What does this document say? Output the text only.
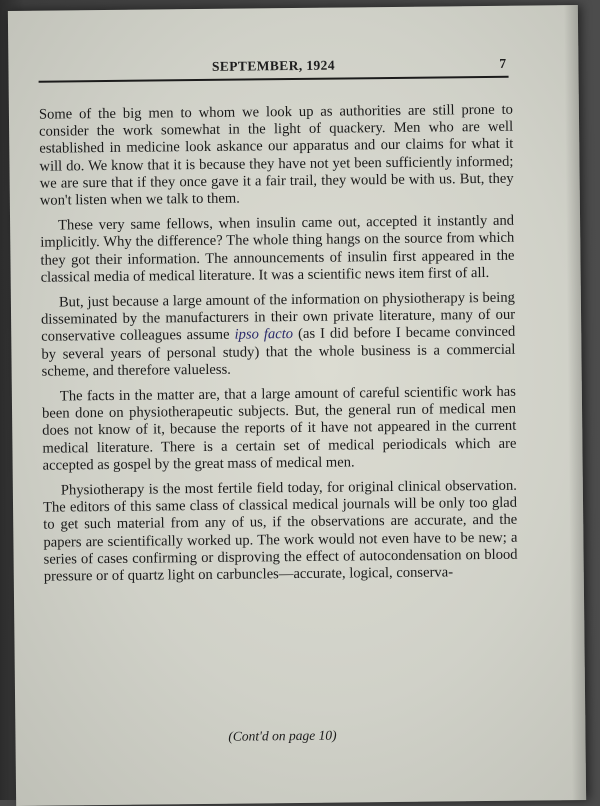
SEPTEMBER, 1924	7

Some of the big men to whom we look up as authorities are still prone to consider the work somewhat in the light of quackery. Men who are well established in medicine look askance our apparatus and our claims for what it will do. We know that it is because they have not yet been sufficiently informed; we are sure that if they once gave it a fair trail, they would be with us. But, they won't listen when we talk to them.

These very same fellows, when insulin came out, accepted it instantly and implicitly. Why the difference? The whole thing hangs on the source from which they got their information. The announcements of insulin first appeared in the classical media of medical literature. It was a scientific news item first of all.

But, just because a large amount of the information on physiotherapy is being disseminated by the manufacturers in their own private literature, many of our conservative colleagues assume ipso facto (as I did before I became convinced by several years of personal study) that the whole business is a commercial scheme, and therefore valueless.

The facts in the matter are, that a large amount of careful scientific work has been done on physiotherapeutic subjects. But, the general run of medical men does not know of it, because the reports of it have not appeared in the current medical literature. There is a certain set of medical periodicals which are accepted as gospel by the great mass of medical men.

Physiotherapy is the most fertile field today, for original clinical observation. The editors of this same class of classical medical journals will be only too glad to get such material from any of us, if the observations are accurate, and the papers are scientifically worked up. The work would not even have to be new; a series of cases confirming or disproving the effect of autocondensation on blood pressure or of quartz light on carbuncles—accurate, logical, conserva-

(Cont'd on page 10)
